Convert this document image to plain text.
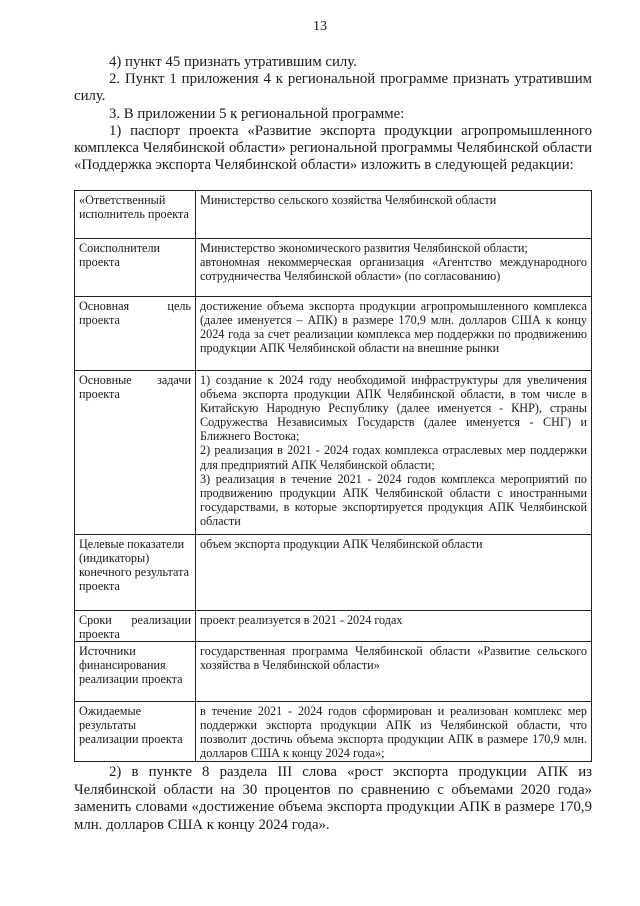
13

4) пункт 45 признать утратившим силу.

2. Пункт 1 приложения 4 к региональной программе признать утратившим силу.

3. В приложении 5 к региональной программе:

1) паспорт проекта «Развитие экспорта продукции агропромышленного комплекса Челябинской области» региональной программы Челябинской области «Поддержка экспорта Челябинской области» изложить в следующей редакции:

«Ответственный исполнитель проекта	Министерство сельского хозяйства Челябинской области

Соисполнители проекта	Министерство экономического развития Челябинской области;
автономная некоммерческая организация «Агентство международного сотрудничества Челябинской области» (по согласованию)

Основная цель проекта	достижение объема экспорта продукции агропромышленного комплекса (далее именуется – АПК) в размере 170,9 млн. долларов США к концу 2024 года за счет реализации комплекса мер поддержки по продвижению продукции АПК Челябинской области на внешние рынки

Основные задачи проекта	1) создание к 2024 году необходимой инфраструктуры для увеличения объема экспорта продукции АПК Челябинской области, в том числе в Китайскую Народную Республику (далее именуется - КНР), страны Содружества Независимых Государств (далее именуется - СНГ) и Ближнего Востока;
2) реализация в 2021 - 2024 годах комплекса отраслевых мер поддержки для предприятий АПК Челябинской области;
3) реализация в течение 2021 - 2024 годов комплекса мероприятий по продвижению продукции АПК Челябинской области с иностранными государствами, в которые экспортируется продукция АПК Челябинской области

Целевые показатели (индикаторы) конечного результата проекта	объем экспорта продукции АПК Челябинской области

Сроки реализации проекта	проект реализуется в 2021 - 2024 годах

Источники финансирования реализации проекта	государственная программа Челябинской области «Развитие сельского хозяйства в Челябинской области»

Ожидаемые результаты реализации проекта	в течение 2021 - 2024 годов сформирован и реализован комплекс мер поддержки экспорта продукции АПК из Челябинской области, что позволит достичь объема экспорта продукции АПК в размере 170,9 млн. долларов США к концу 2024 года»;

2) в пункте 8 раздела III слова «рост экспорта продукции АПК из Челябинской области на 30 процентов по сравнению с объемами 2020 года» заменить словами «достижение объема экспорта продукции АПК в размере 170,9 млн. долларов США к концу 2024 года».
